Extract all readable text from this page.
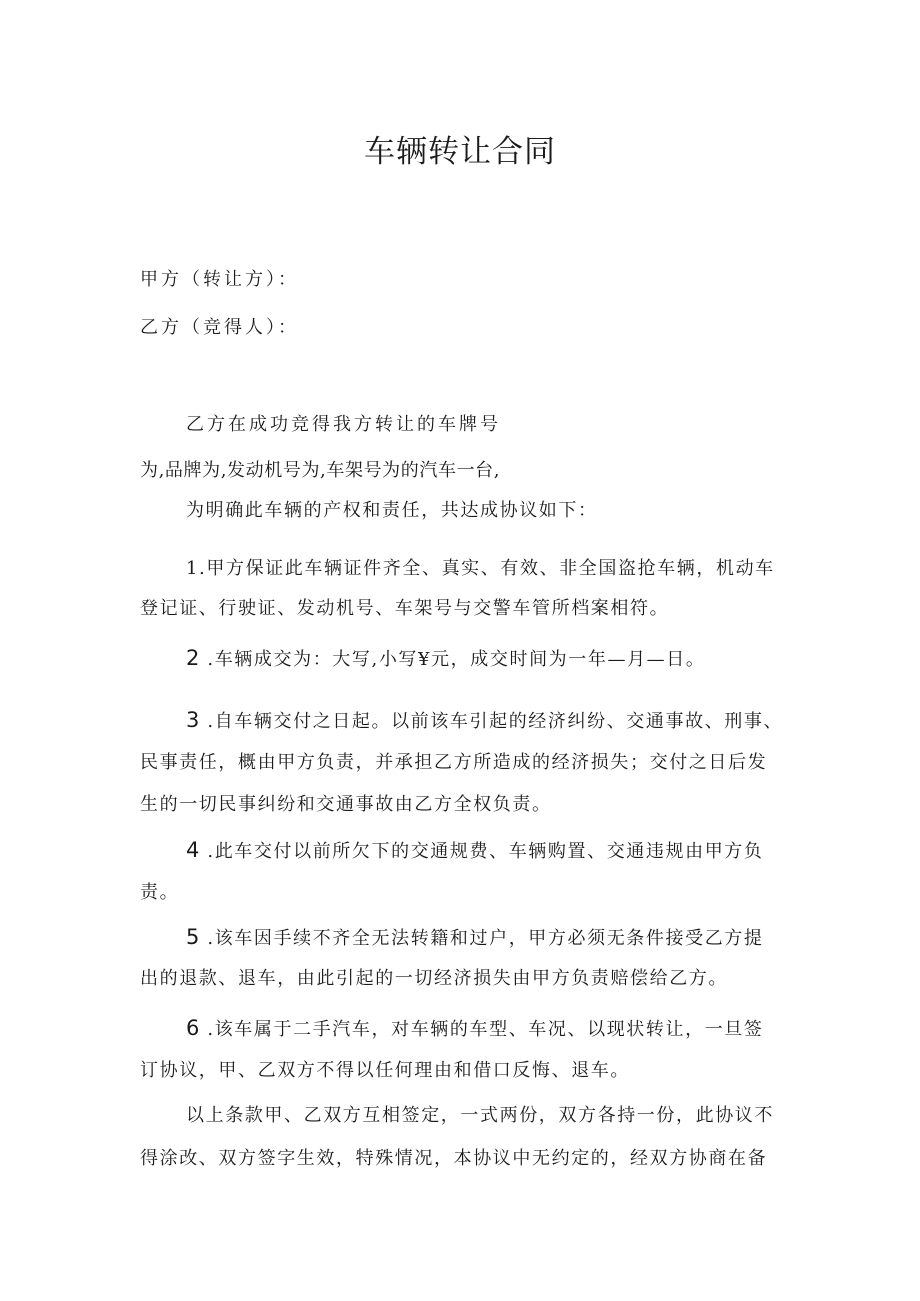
车辆转让合同
甲方（转让方）：
乙方（竞得人）：
乙方在成功竞得我方转让的车牌号
为,品牌为,发动机号为,车架号为的汽车一台,
为明确此车辆的产权和责任，共达成协议如下：
1.甲方保证此车辆证件齐全、真实、有效、非全国盗抢车辆，机动车
登记证、行驶证、发动机号、车架号与交警车管所档案相符。
2 .车辆成交为：大写,小写¥元，成交时间为一年—月—日。
3 .自车辆交付之日起。以前该车引起的经济纠纷、交通事故、刑事、
民事责任，概由甲方负责，并承担乙方所造成的经济损失；交付之日后发
生的一切民事纠纷和交通事故由乙方全权负责。
4 .此车交付以前所欠下的交通规费、车辆购置、交通违规由甲方负
责。
5 .该车因手续不齐全无法转籍和过户，甲方必须无条件接受乙方提
出的退款、退车，由此引起的一切经济损失由甲方负责赔偿给乙方。
6 .该车属于二手汽车，对车辆的车型、车况、以现状转让，一旦签
订协议，甲、乙双方不得以任何理由和借口反悔、退车。
以上条款甲、乙双方互相签定，一式两份，双方各持一份，此协议不
得涂改、双方签字生效，特殊情况，本协议中无约定的，经双方协商在备
